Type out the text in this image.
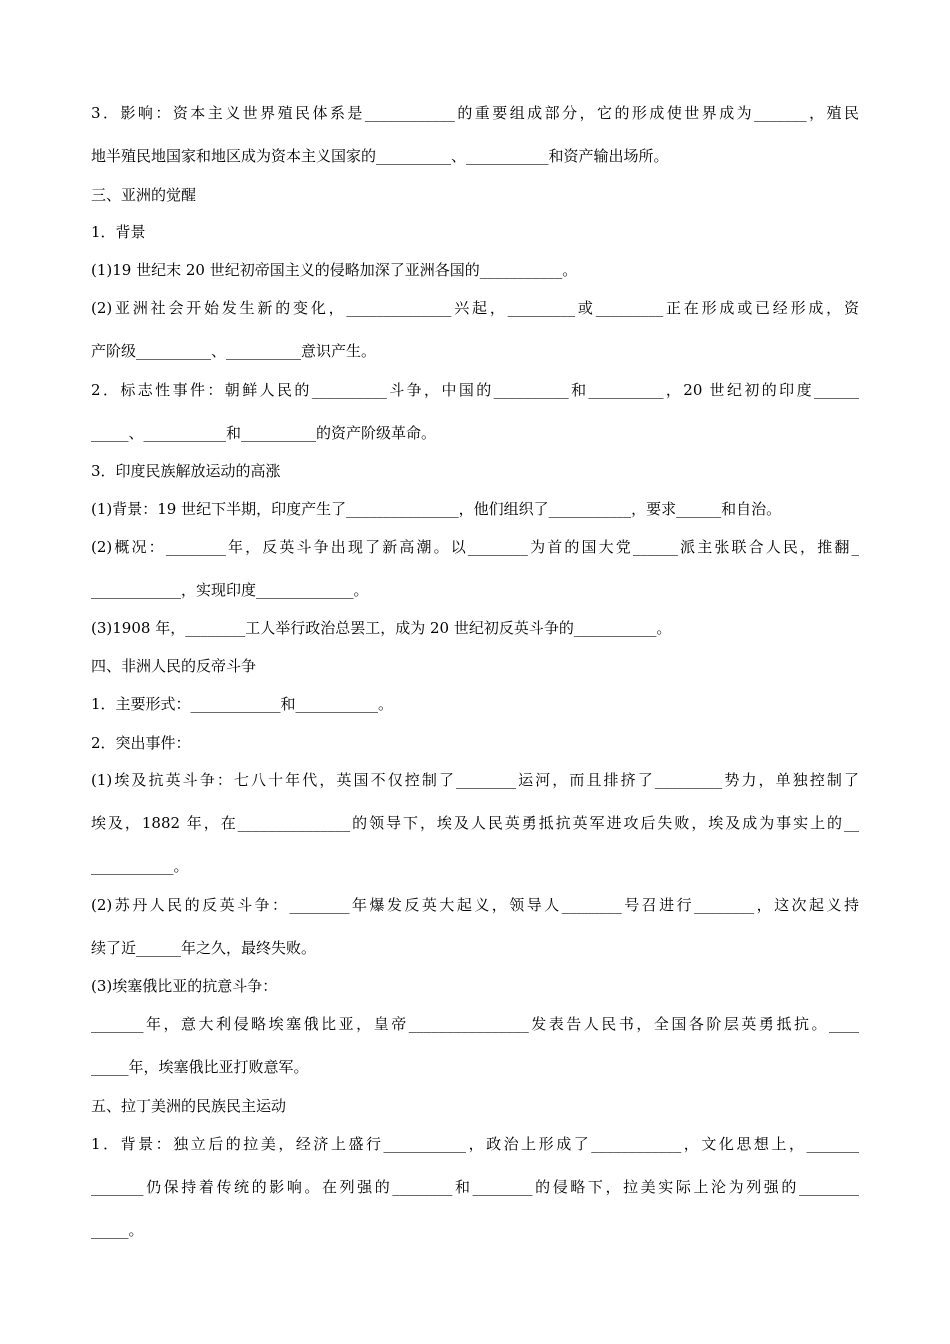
3．影响：资本主义世界殖民体系是____________的重要组成部分，它的形成使世界成为_______，殖民
地半殖民地国家和地区成为资本主义国家的__________、___________和资产输出场所。
三、亚洲的觉醒
1．背景
(1)19 世纪末 20 世纪初帝国主义的侵略加深了亚洲各国的___________。
(2)亚洲社会开始发生新的变化，______________兴起，_________或_________正在形成或已经形成，资
产阶级__________、__________意识产生。
2．标志性事件：朝鲜人民的__________斗争，中国的__________和__________，20 世纪初的印度______
_____、___________和__________的资产阶级革命。
3．印度民族解放运动的高涨
(1)背景：19 世纪下半期，印度产生了_______________，他们组织了___________，要求______和自治。
(2)概况：________年，反英斗争出现了新高潮。以________为首的国大党______派主张联合人民，推翻_
____________，实现印度_____________。
(3)1908 年，________工人举行政治总罢工，成为 20 世纪初反英斗争的___________。
四、非洲人民的反帝斗争
1．主要形式：____________和___________。
2．突出事件：
(1)埃及抗英斗争：七八十年代，英国不仅控制了________运河，而且排挤了_________势力，单独控制了
埃及，1882 年，在_______________的领导下，埃及人民英勇抵抗英军进攻后失败，埃及成为事实上的__
___________。
(2)苏丹人民的反英斗争：________年爆发反英大起义，领导人________号召进行________，这次起义持
续了近______年之久，最终失败。
(3)埃塞俄比亚的抗意斗争：
_______年，意大利侵略埃塞俄比亚，皇帝________________发表告人民书，全国各阶层英勇抵抗。____
_____年，埃塞俄比亚打败意军。
五、拉丁美洲的民族民主运动
1．背景：独立后的拉美，经济上盛行___________，政治上形成了____________，文化思想上，_______
_______仍保持着传统的影响。在列强的________和________的侵略下，拉美实际上沦为列强的________
_____。
